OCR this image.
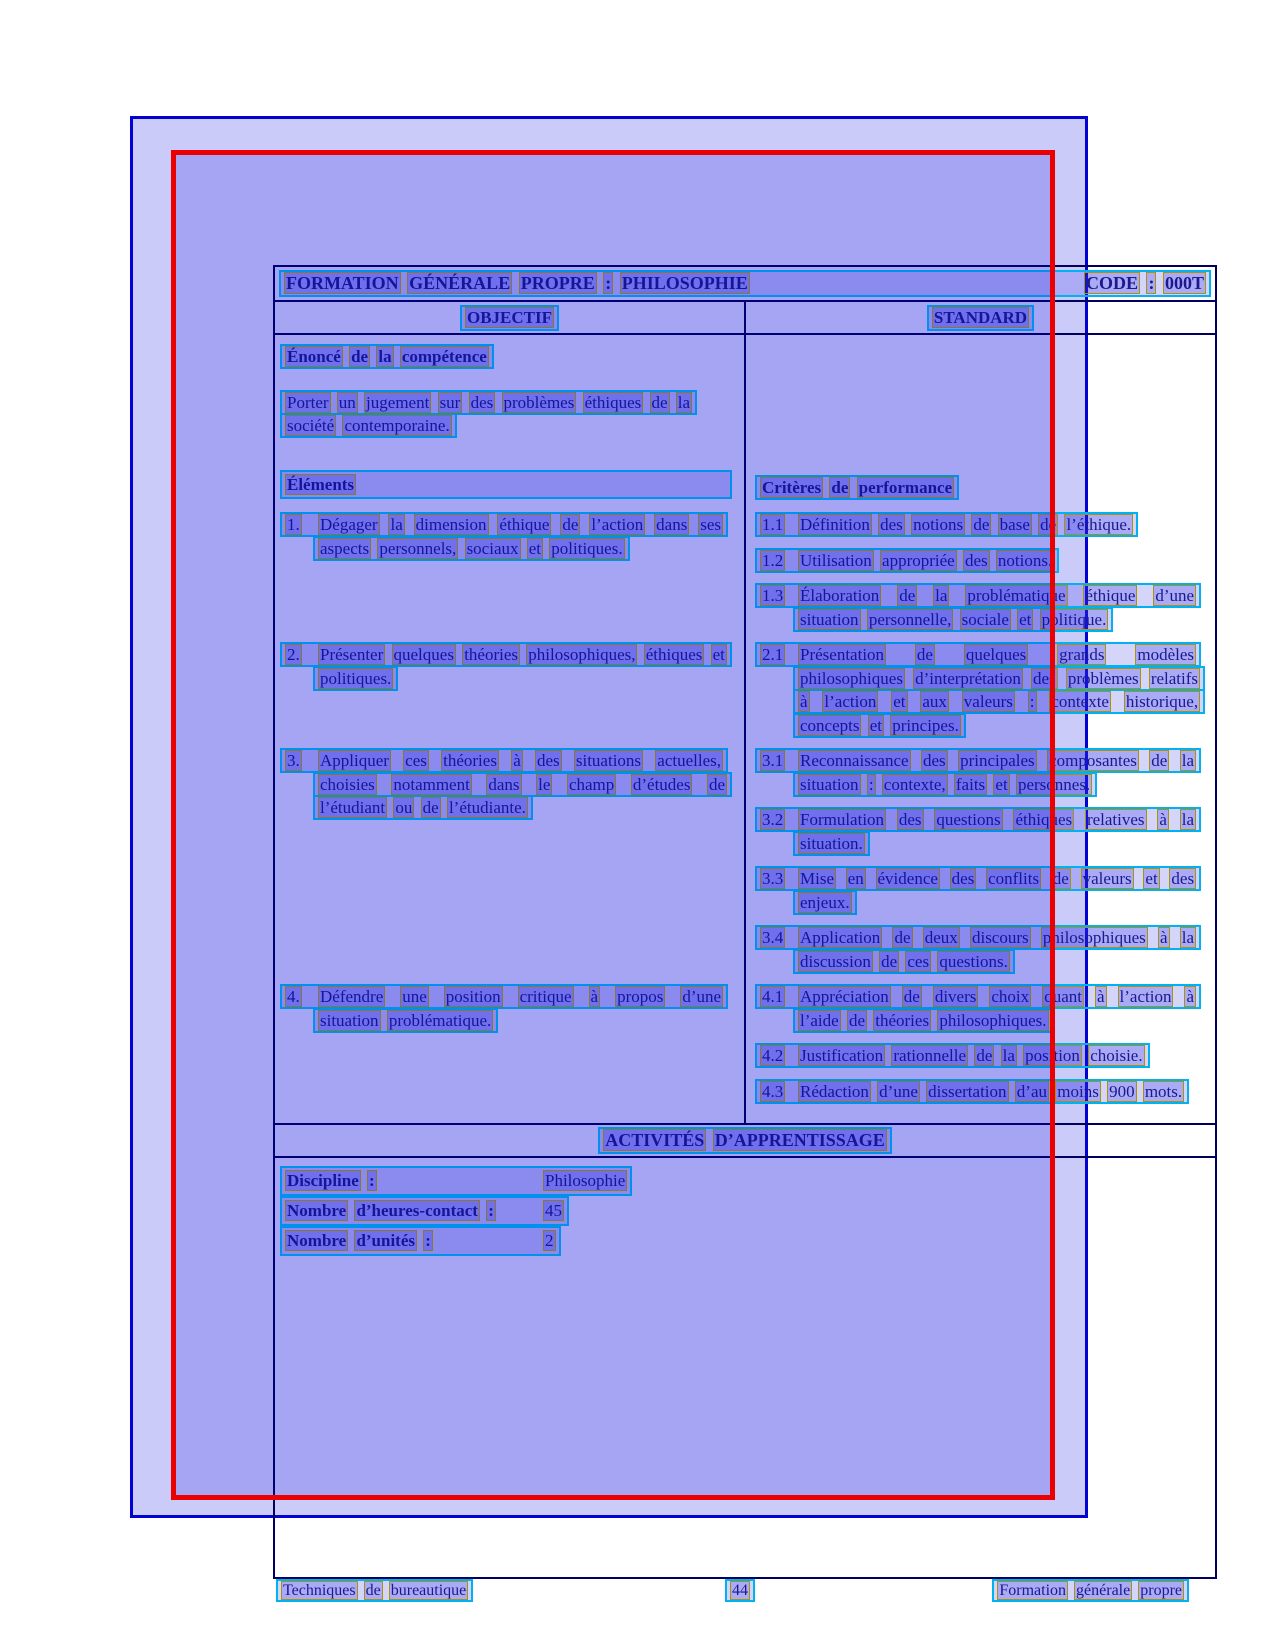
FORMATION GÉNÉRALE PROPRE : PHILOSOPHIE	CODE : 000T
OBJECTIF	STANDARD
Énoncé de la compétence
Porter un jugement sur des problèmes éthiques de la société contemporaine.
Éléments	Critères de performance
1. Dégager la dimension éthique de l’action dans ses aspects personnels, sociaux et politiques.
1.1 Définition des notions de base de l’éthique.
1.2 Utilisation appropriée des notions.
1.3 Élaboration de la problématique éthique d’une situation personnelle, sociale et politique.
2. Présenter quelques théories philosophiques, éthiques et politiques.
2.1 Présentation de quelques grands modèles philosophiques d’interprétation des problèmes relatifs à l’action et aux valeurs : contexte historique, concepts et principes.
3. Appliquer ces théories à des situations actuelles, choisies notamment dans le champ d’études de l’étudiant ou de l’étudiante.
3.1 Reconnaissance des principales composantes de la situation : contexte, faits et personnes.
3.2 Formulation des questions éthiques relatives à la situation.
3.3 Mise en évidence des conflits de valeurs et des enjeux.
3.4 Application de deux discours philosophiques à la discussion de ces questions.
4. Défendre une position critique à propos d’une situation problématique.
4.1 Appréciation de divers choix quant à l’action à l’aide de théories philosophiques.
4.2 Justification rationnelle de la position choisie.
4.3 Rédaction d’une dissertation d’au moins 900 mots.
ACTIVITÉS D’APPRENTISSAGE
Discipline :	Philosophie
Nombre d’heures-contact :	45
Nombre d’unités :	2
Techniques de bureautique	44	Formation générale propre
